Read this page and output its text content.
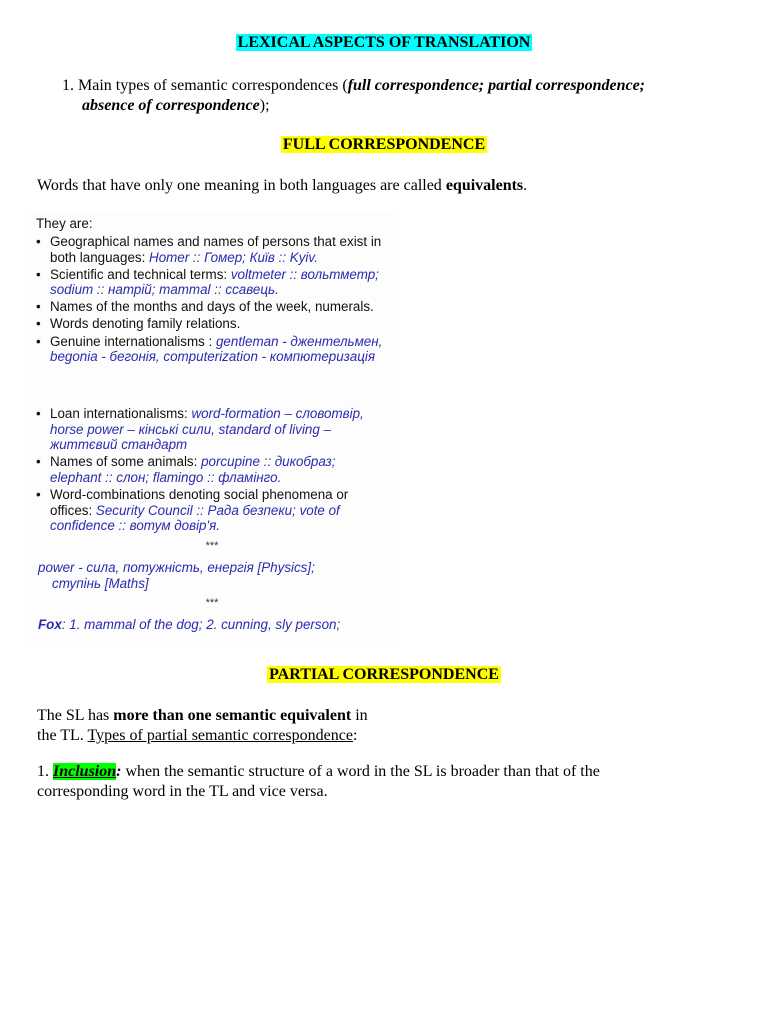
LEXICAL ASPECTS OF TRANSLATION
1. Main types of semantic correspondences (full correspondence; partial correspondence;
absence of correspondence);
FULL CORRESPONDENCE
Words that have only one meaning in both languages are called equivalents.
They are:
• Geographical names and names of persons that exist in both languages: Homer :: Гомер; Київ :: Kyiv.
• Scientific and technical terms: voltmeter :: вольтметр; sodium :: натрій; mammal :: ссавець.
• Names of the months and days of the week, numerals.
• Words denoting family relations.
• Genuine internationalisms : gentleman - джентельмен, begonia - бегонія, computerization - компютеризація
• Loan internationalisms: word-formation – словотвір, horse power – кінські сили, standard of living – життєвий стандарт
• Names of some animals: porcupine :: дикобраз; elephant :: слон; flamingo :: фламінго.
• Word-combinations denoting social phenomena or offices: Security Council :: Рада безпеки; vote of confidence :: вотум довір'я.
***
power - сила, потужність, енергія [Physics];
ступінь [Maths]
***
Fox: 1. mammal of the dog; 2. cunning, sly person;
PARTIAL CORRESPONDENCE
The SL has more than one semantic equivalent in
the TL. Types of partial semantic correspondence:
1. Inclusion: when the semantic structure of a word in the SL is broader than that of the
corresponding word in the TL and vice versa.
